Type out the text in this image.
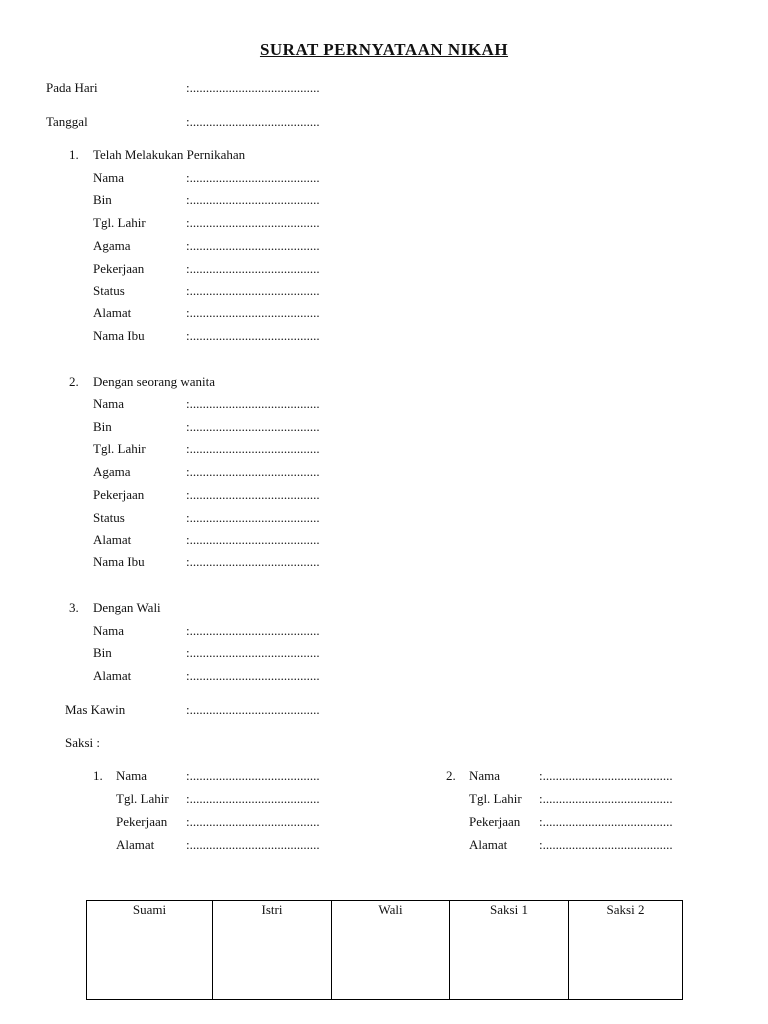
SURAT PERNYATAAN NIKAH
Pada Hari	:........................................
Tanggal	:........................................
1. Telah Melakukan Pernikahan
Nama	:........................................
Bin	:........................................
Tgl. Lahir	:........................................
Agama	:........................................
Pekerjaan	:........................................
Status	:........................................
Alamat	:........................................
Nama Ibu	:........................................
2. Dengan seorang wanita
Nama	:........................................
Bin	:........................................
Tgl. Lahir	:........................................
Agama	:........................................
Pekerjaan	:........................................
Status	:........................................
Alamat	:........................................
Nama Ibu	:........................................
3. Dengan Wali
Nama	:........................................
Bin	:........................................
Alamat	:........................................
Mas Kawin	:........................................
Saksi :
1. Nama	:........................................
Tgl. Lahir :........................................
Pekerjaan :........................................
Alamat :........................................
2. Nama	:........................................
Tgl. Lahir :........................................
Pekerjaan :........................................
Alamat :........................................
Suami	Istri	Wali	Saksi 1	Saksi 2
